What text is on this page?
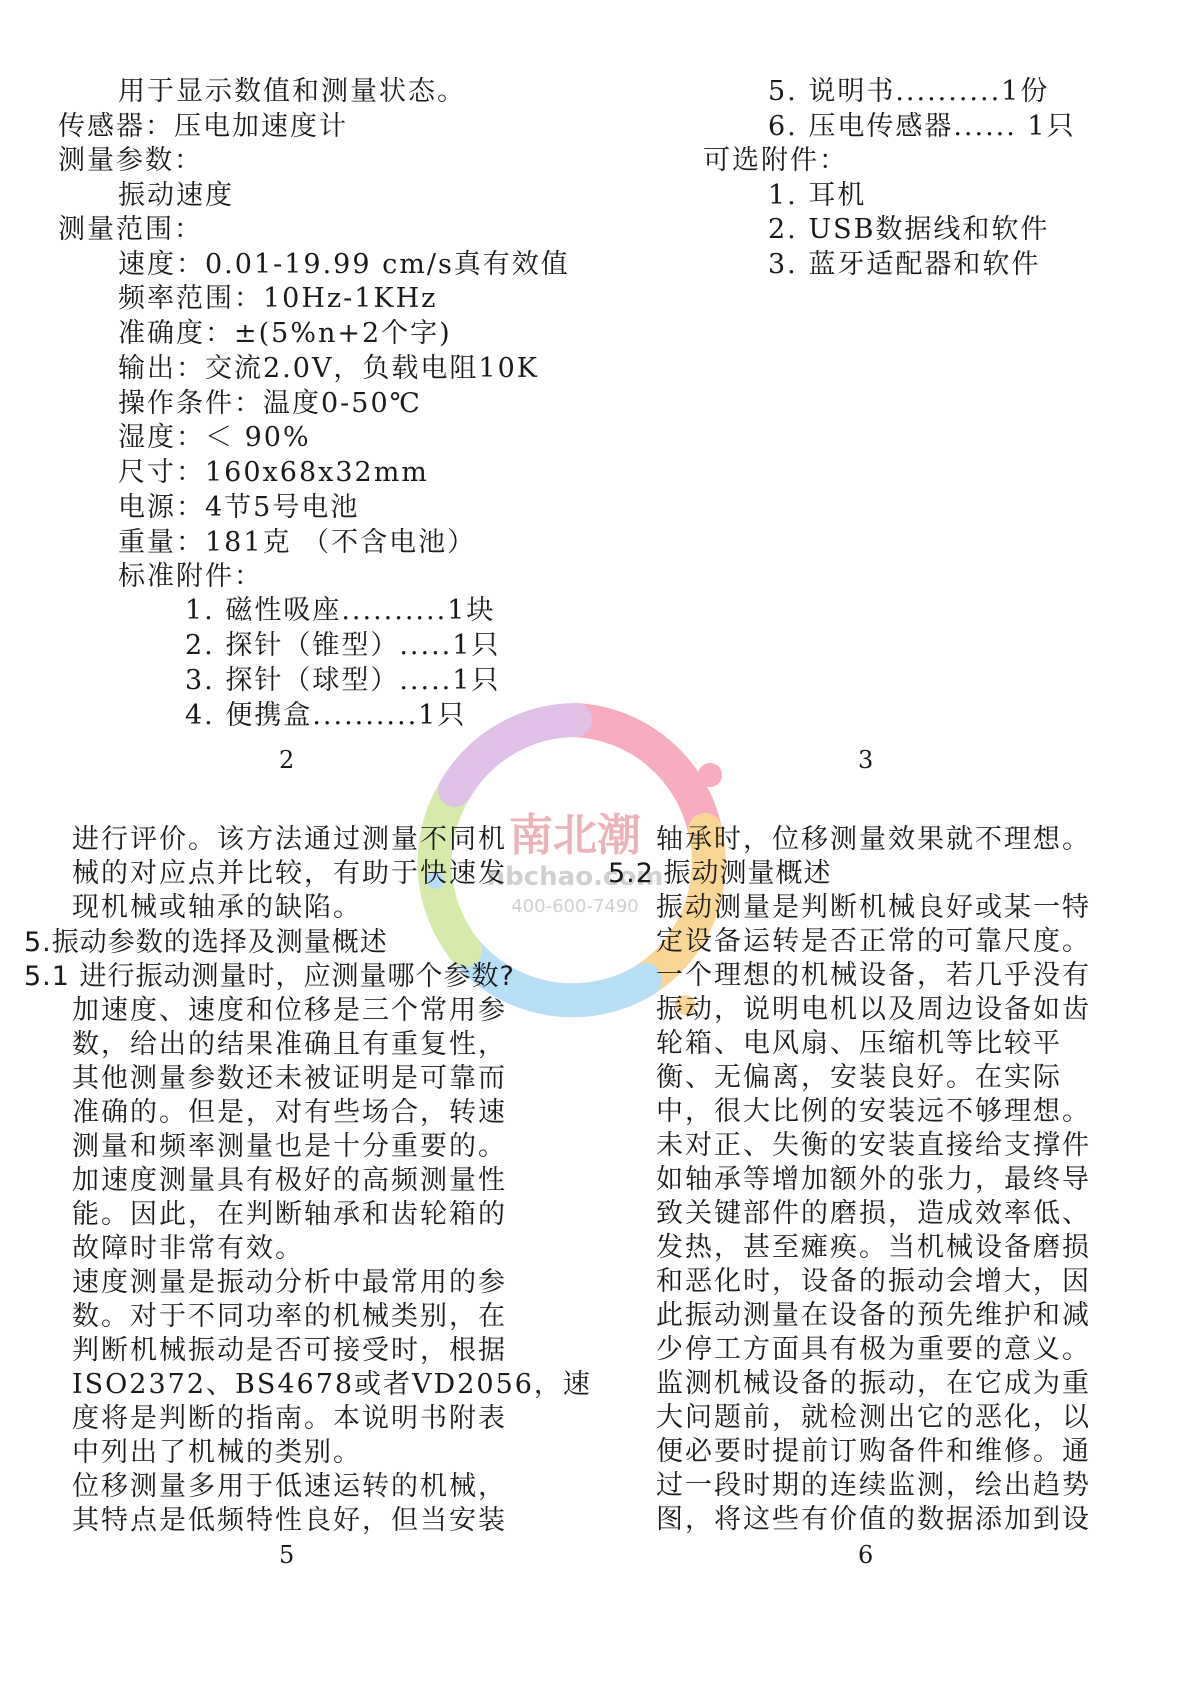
用于显示数值和测量状态。
传感器：压电加速度计
测量参数：
振动速度
测量范围：
速度：0.01-19.99 cm/s真有效值
频率范围：10Hz-1KHz
准确度：±(5%n+2个字)
输出：交流2.0V，负载电阻10K
操作条件：温度0-50℃
湿度：＜ 90%
尺寸：160x68x32mm
电源：4节5号电池
重量：181克 （不含电池）
标准附件：
1. 磁性吸座..........1块
2. 探针（锥型）.....1只
3. 探针（球型）.....1只
4. 便携盒..........1只
2
5. 说明书..........1份
6. 压电传感器...... 1只
可选附件：
1. 耳机
2. USB数据线和软件
3. 蓝牙适配器和软件
3
南北潮
nbchao.com
400-600-7490
进行评价。该方法通过测量不同机
械的对应点并比较，有助于快速发
现机械或轴承的缺陷。
5.振动参数的选择及测量概述
5.1 进行振动测量时，应测量哪个参数?
加速度、速度和位移是三个常用参
数，给出的结果准确且有重复性，
其他测量参数还未被证明是可靠而
准确的。但是，对有些场合，转速
测量和频率测量也是十分重要的。
加速度测量具有极好的高频测量性
能。因此，在判断轴承和齿轮箱的
故障时非常有效。
速度测量是振动分析中最常用的参
数。对于不同功率的机械类别，在
判断机械振动是否可接受时，根据
ISO2372、BS4678或者VD2056，速
度将是判断的指南。本说明书附表
中列出了机械的类别。
位移测量多用于低速运转的机械，
其特点是低频特性良好，但当安装
5
轴承时，位移测量效果就不理想。
5.2 振动测量概述
振动测量是判断机械良好或某一特
定设备运转是否正常的可靠尺度。
一个理想的机械设备，若几乎没有
振动，说明电机以及周边设备如齿
轮箱、电风扇、压缩机等比较平
衡、无偏离，安装良好。在实际
中，很大比例的安装远不够理想。
未对正、失衡的安装直接给支撑件
如轴承等增加额外的张力，最终导
致关键部件的磨损，造成效率低、
发热，甚至瘫痪。当机械设备磨损
和恶化时，设备的振动会增大，因
此振动测量在设备的预先维护和减
少停工方面具有极为重要的意义。
监测机械设备的振动，在它成为重
大问题前，就检测出它的恶化，以
便必要时提前订购备件和维修。通
过一段时期的连续监测，绘出趋势
图，将这些有价值的数据添加到设
6
